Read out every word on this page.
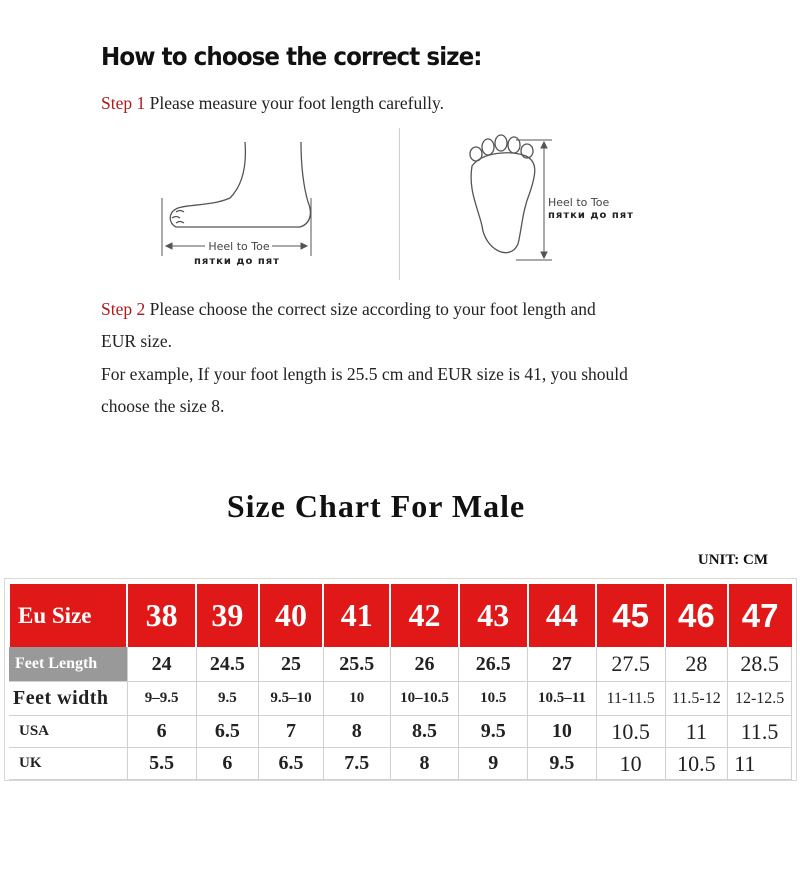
How to choose the correct size:
Step 1 Please measure your foot length carefully.
Heel to Toe
пятки до пят
Heel to Toe
пятки до пят
Step 2 Please choose the correct size according to your foot length and
EUR size.
For example, If your foot length is 25.5 cm and EUR size is 41, you should
choose the size 8.
Size Chart For Male
UNIT: CM
Eu Size	38	39	40	41	42	43	44	45	46	47
Feet Length	24	24.5	25	25.5	26	26.5	27	27.5	28	28.5
Feet width	9–9.5	9.5	9.5–10	10	10–10.5	10.5	10.5–11	11-11.5	11.5-12	12-12.5
USA	6	6.5	7	8	8.5	9.5	10	10.5	11	11.5
UK	5.5	6	6.5	7.5	8	9	9.5	10	10.5	11
